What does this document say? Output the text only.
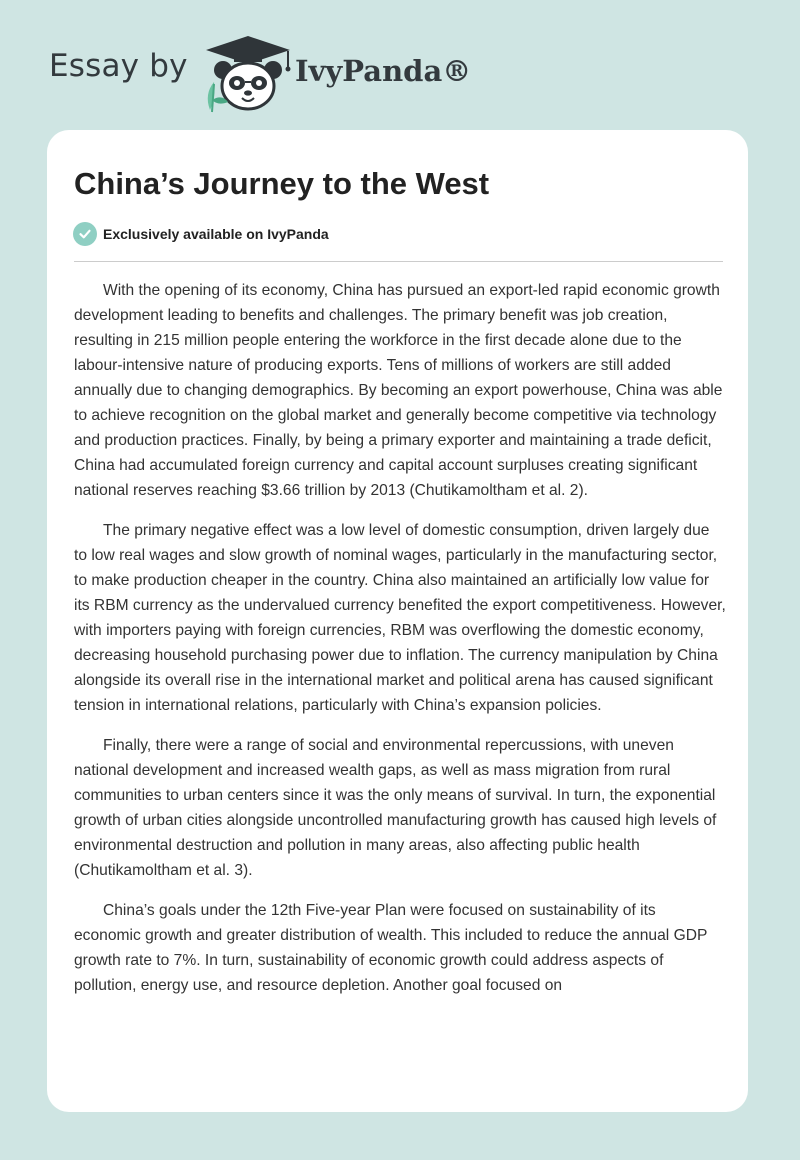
Essay by	IvyPanda®
China’s Journey to the West
Exclusively available on IvyPanda

With the opening of its economy, China has pursued an export-led rapid economic growth development leading to benefits and challenges. The primary benefit was job creation, resulting in 215 million people entering the workforce in the first decade alone due to the labour-intensive nature of producing exports. Tens of millions of workers are still added annually due to changing demographics. By becoming an export powerhouse, China was able to achieve recognition on the global market and generally become competitive via technology and production practices. Finally, by being a primary exporter and maintaining a trade deficit, China had accumulated foreign currency and capital account surpluses creating significant national reserves reaching $3.66 trillion by 2013 (Chutikamoltham et al. 2).

The primary negative effect was a low level of domestic consumption, driven largely due to low real wages and slow growth of nominal wages, particularly in the manufacturing sector, to make production cheaper in the country. China also maintained an artificially low value for its RBM currency as the undervalued currency benefited the export competitiveness. However, with importers paying with foreign currencies, RBM was overflowing the domestic economy, decreasing household purchasing power due to inflation. The currency manipulation by China alongside its overall rise in the international market and political arena has caused significant tension in international relations, particularly with China’s expansion policies.

Finally, there were a range of social and environmental repercussions, with uneven national development and increased wealth gaps, as well as mass migration from rural communities to urban centers since it was the only means of survival. In turn, the exponential growth of urban cities alongside uncontrolled manufacturing growth has caused high levels of environmental destruction and pollution in many areas, also affecting public health (Chutikamoltham et al. 3).

China’s goals under the 12th Five-year Plan were focused on sustainability of its economic growth and greater distribution of wealth. This included to reduce the annual GDP growth rate to 7%. In turn, sustainability of economic growth could address aspects of pollution, energy use, and resource depletion. Another goal focused on
